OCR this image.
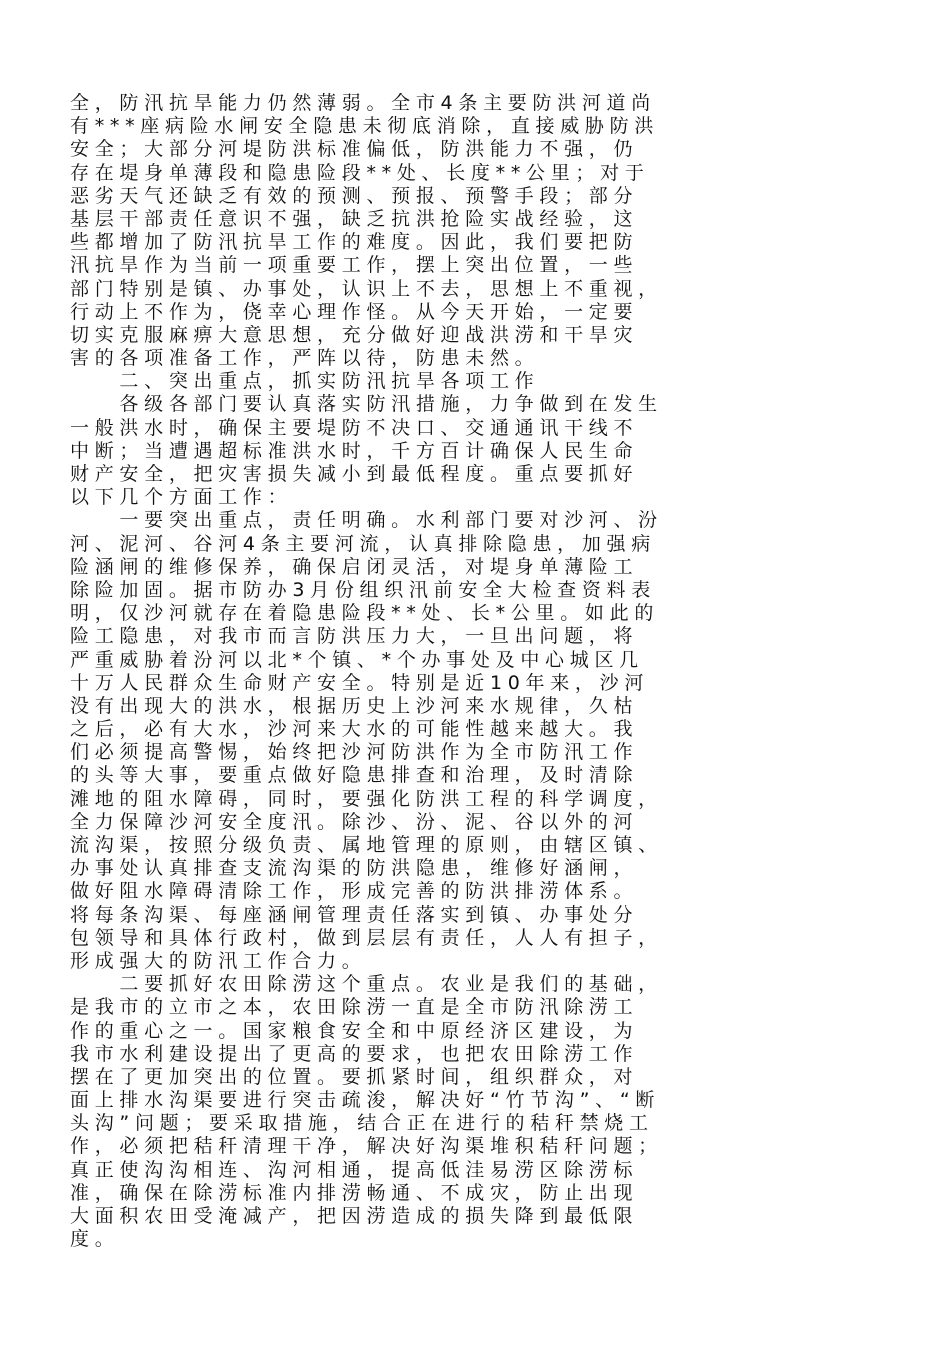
全 ， 防 汛 抗 旱 能 力 仍 然 薄 弱 。 全 市 4 条 主 要 防 洪 河 道 尚
有 * * * 座 病 险 水 闸 安 全 隐 患 未 彻 底 消 除 ， 直 接 威 胁 防 洪
安 全 ； 大 部 分 河 堤 防 洪 标 准 偏 低 ， 防 洪 能 力 不 强 ， 仍
存 在 堤 身 单 薄 段 和 隐 患 险 段 * * 处 、 长 度 * * 公 里 ； 对 于
恶 劣 天 气 还 缺 乏 有 效 的 预 测 、 预 报 、 预 警 手 段 ； 部 分
基 层 干 部 责 任 意 识 不 强 ， 缺 乏 抗 洪 抢 险 实 战 经 验 ， 这
些 都 增 加 了 防 汛 抗 旱 工 作 的 难 度 。 因 此 ， 我 们 要 把 防
汛 抗 旱 作 为 当 前 一 项 重 要 工 作 ， 摆 上 突 出 位 置 ， 一 些
部 门 特 别 是 镇 、 办 事 处 ， 认 识 上 不 去 ， 思 想 上 不 重 视 ，
行 动 上 不 作 为 ， 侥 幸 心 理 作 怪 。 从 今 天 开 始 ， 一 定 要
切 实 克 服 麻 痹 大 意 思 想 ， 充 分 做 好 迎 战 洪 涝 和 干 旱 灾
害 的 各 项 准 备 工 作 ， 严 阵 以 待 ， 防 患 未 然 。

二 、 突 出 重 点 ， 抓 实 防 汛 抗 旱 各 项 工 作

各 级 各 部 门 要 认 真 落 实 防 汛 措 施 ， 力 争 做 到 在 发 生
一 般 洪 水 时 ， 确 保 主 要 堤 防 不 决 口 、 交 通 通 讯 干 线 不
中 断 ； 当 遭 遇 超 标 准 洪 水 时 ， 千 方 百 计 确 保 人 民 生 命
财 产 安 全 ， 把 灾 害 损 失 减 小 到 最 低 程 度 。 重 点 要 抓 好
以 下 几 个 方 面 工 作 ：

一 要 突 出 重 点 ， 责 任 明 确 。 水 利 部 门 要 对 沙 河 、 汾
河 、 泥 河 、 谷 河 4 条 主 要 河 流 ， 认 真 排 除 隐 患 ， 加 强 病
险 涵 闸 的 维 修 保 养 ， 确 保 启 闭 灵 活 ， 对 堤 身 单 薄 险 工
除 险 加 固 。 据 市 防 办 3 月 份 组 织 汛 前 安 全 大 检 查 资 料 表
明 ， 仅 沙 河 就 存 在 着 隐 患 险 段 * * 处 、 长 * 公 里 。 如 此 的
险 工 隐 患 ， 对 我 市 而 言 防 洪 压 力 大 ， 一 旦 出 问 题 ， 将
严 重 威 胁 着 汾 河 以 北 * 个 镇 、 * 个 办 事 处 及 中 心 城 区 几
十 万 人 民 群 众 生 命 财 产 安 全 。 特 别 是 近 1 0 年 来 ， 沙 河
没 有 出 现 大 的 洪 水 ， 根 据 历 史 上 沙 河 来 水 规 律 ， 久 枯
之 后 ， 必 有 大 水 ， 沙 河 来 大 水 的 可 能 性 越 来 越 大 。 我
们 必 须 提 高 警 惕 ， 始 终 把 沙 河 防 洪 作 为 全 市 防 汛 工 作
的 头 等 大 事 ， 要 重 点 做 好 隐 患 排 查 和 治 理 ， 及 时 清 除
滩 地 的 阻 水 障 碍 ， 同 时 ， 要 强 化 防 洪 工 程 的 科 学 调 度 ，
全 力 保 障 沙 河 安 全 度 汛 。 除 沙 、 汾 、 泥 、 谷 以 外 的 河
流 沟 渠 ， 按 照 分 级 负 责 、 属 地 管 理 的 原 则 ， 由 辖 区 镇 、
办 事 处 认 真 排 查 支 流 沟 渠 的 防 洪 隐 患 ， 维 修 好 涵 闸 ，
做 好 阻 水 障 碍 清 除 工 作 ， 形 成 完 善 的 防 洪 排 涝 体 系 。
将 每 条 沟 渠 、 每 座 涵 闸 管 理 责 任 落 实 到 镇 、 办 事 处 分
包 领 导 和 具 体 行 政 村 ， 做 到 层 层 有 责 任 ， 人 人 有 担 子 ，
形 成 强 大 的 防 汛 工 作 合 力 。

二 要 抓 好 农 田 除 涝 这 个 重 点 。 农 业 是 我 们 的 基 础 ，
是 我 市 的 立 市 之 本 ， 农 田 除 涝 一 直 是 全 市 防 汛 除 涝 工
作 的 重 心 之 一 。 国 家 粮 食 安 全 和 中 原 经 济 区 建 设 ， 为
我 市 水 利 建 设 提 出 了 更 高 的 要 求 ， 也 把 农 田 除 涝 工 作
摆 在 了 更 加 突 出 的 位 置 。 要 抓 紧 时 间 ， 组 织 群 众 ， 对
面 上 排 水 沟 渠 要 进 行 突 击 疏 浚 ， 解 决 好 “ 竹 节 沟 ” 、 “ 断
头 沟 ” 问 题 ； 要 采 取 措 施 ， 结 合 正 在 进 行 的 秸 秆 禁 烧 工
作 ， 必 须 把 秸 秆 清 理 干 净 ， 解 决 好 沟 渠 堆 积 秸 秆 问 题 ；
真 正 使 沟 沟 相 连 、 沟 河 相 通 ， 提 高 低 洼 易 涝 区 除 涝 标
准 ， 确 保 在 除 涝 标 准 内 排 涝 畅 通 、 不 成 灾 ， 防 止 出 现
大 面 积 农 田 受 淹 减 产 ， 把 因 涝 造 成 的 损 失 降 到 最 低 限
度 。
